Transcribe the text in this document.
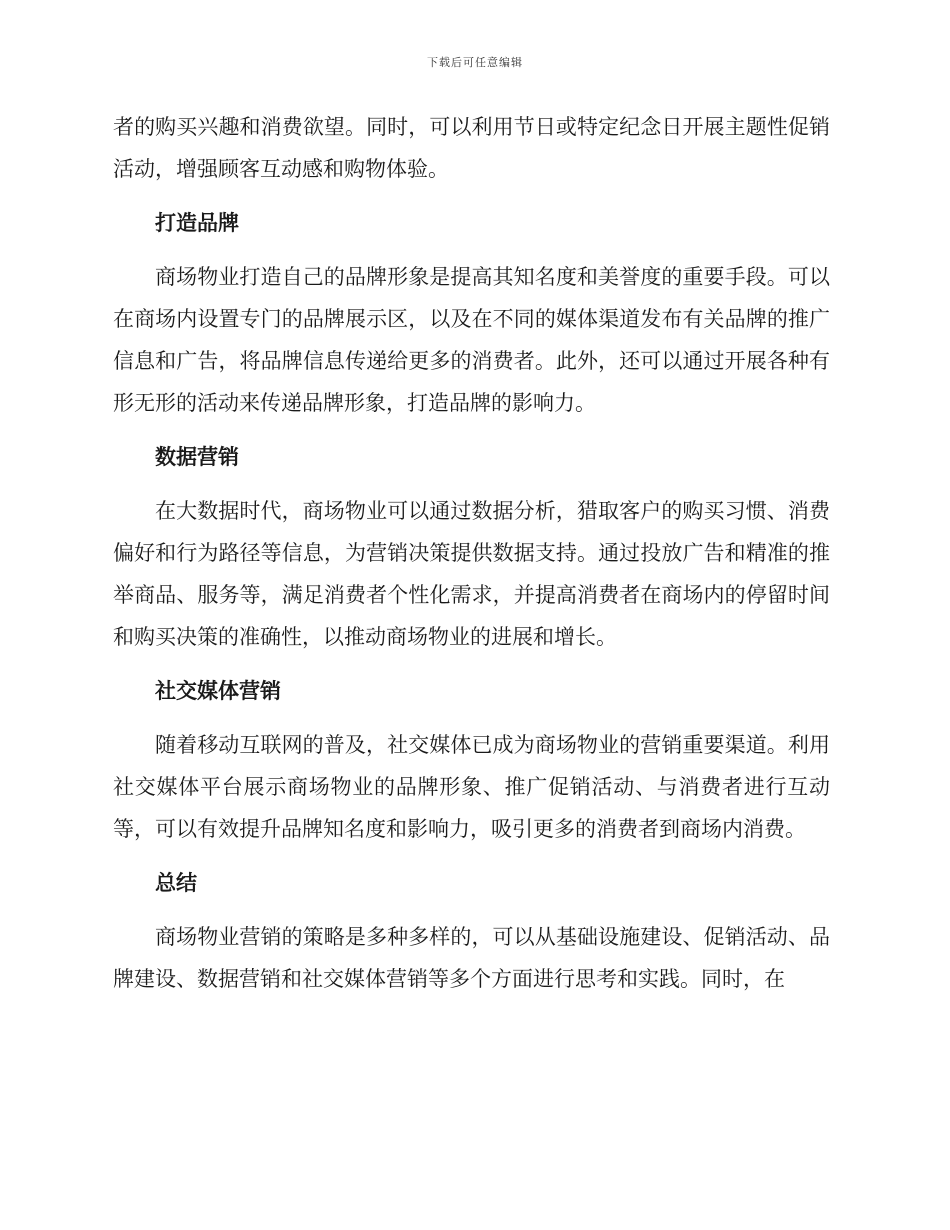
下载后可任意编辑

者的购买兴趣和消费欲望。同时，可以利用节日或特定纪念日开展主题性促销活动，增强顾客互动感和购物体验。

打造品牌

商场物业打造自己的品牌形象是提高其知名度和美誉度的重要手段。可以在商场内设置专门的品牌展示区，以及在不同的媒体渠道发布有关品牌的推广信息和广告，将品牌信息传递给更多的消费者。此外，还可以通过开展各种有形无形的活动来传递品牌形象，打造品牌的影响力。

数据营销

在大数据时代，商场物业可以通过数据分析，猎取客户的购买习惯、消费偏好和行为路径等信息，为营销决策提供数据支持。通过投放广告和精准的推举商品、服务等，满足消费者个性化需求，并提高消费者在商场内的停留时间和购买决策的准确性，以推动商场物业的进展和增长。

社交媒体营销

随着移动互联网的普及，社交媒体已成为商场物业的营销重要渠道。利用社交媒体平台展示商场物业的品牌形象、推广促销活动、与消费者进行互动等，可以有效提升品牌知名度和影响力，吸引更多的消费者到商场内消费。

总结

商场物业营销的策略是多种多样的，可以从基础设施建设、促销活动、品牌建设、数据营销和社交媒体营销等多个方面进行思考和实践。同时，在
